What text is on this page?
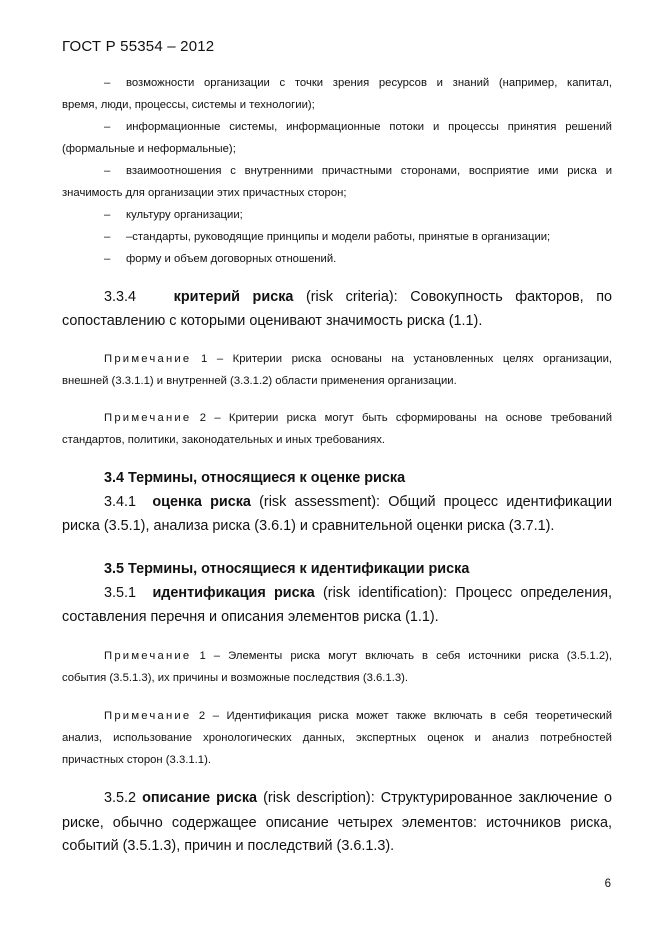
ГОСТ Р 55354 – 2012
– возможности организации с точки зрения ресурсов и знаний (например, капитал,
время, люди, процессы, системы и технологии);
– информационные системы, информационные потоки и процессы принятия решений
(формальные и неформальные);
– взаимоотношения с внутренними причастными сторонами, восприятие ими риска и
значимость для организации этих причастных сторон;
– культуру организации;
– –стандарты, руководящие принципы и модели работы, принятые в организации;
– форму и объем договорных отношений.
3.3.4	критерий риска (risk criteria): Совокупность факторов, по
сопоставлению с которыми оценивают значимость риска (1.1).
Примечание 1 – Критерии риска основаны на установленных целях организации,
внешней (3.3.1.1) и внутренней (3.3.1.2) области применения организации.
Примечание 2 – Критерии риска могут быть сформированы на основе требований
стандартов, политики, законодательных и иных требованиях.
3.4 Термины, относящиеся к оценке риска
3.4.1 оценка риска (risk assessment): Общий процесс идентификации
риска (3.5.1), анализа риска (3.6.1) и сравнительной оценки риска (3.7.1).
3.5 Термины, относящиеся к идентификации риска
3.5.1 идентификация риска (risk identification): Процесс определения,
составления перечня и описания элементов риска (1.1).
Примечание 1 – Элементы риска могут включать в себя источники риска (3.5.1.2),
события (3.5.1.3), их причины и возможные последствия (3.6.1.3).
Примечание 2 – Идентификация риска может также включать в себя теоретический
анализ, использование хронологических данных, экспертных оценок и анализ потребностей
причастных сторон (3.3.1.1).
3.5.2 описание риска (risk description): Структурированное заключение о
риске, обычно содержащее описание четырех элементов: источников риска,
событий (3.5.1.3), причин и последствий (3.6.1.3).
6
